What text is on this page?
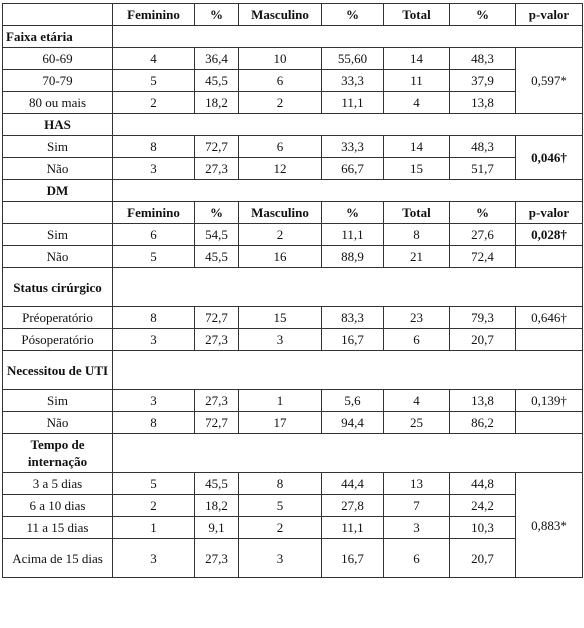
	Feminino	%	Masculino	%	Total	%	p-valor
Faixa etária							
60-69	4	36,4	10	55,60	14	48,3	0,597*
70-79	5	45,5	6	33,3	11	37,9	
80 ou mais	2	18,2	2	11,1	4	13,8	
HAS							
Sim	8	72,7	6	33,3	14	48,3	0,046†
Não	3	27,3	12	66,7	15	51,7	
DM							
	Feminino	%	Masculino	%	Total	%	p-valor
Sim	6	54,5	2	11,1	8	27,6	0,028†
Não	5	45,5	16	88,9	21	72,4	
Status cirúrgico							
Préoperatório	8	72,7	15	83,3	23	79,3	0,646†
Pósoperatório	3	27,3	3	16,7	6	20,7	
Necessitou de UTI							
Sim	3	27,3	1	5,6	4	13,8	0,139†
Não	8	72,7	17	94,4	25	86,2	
Tempo de internação							
3 a 5 dias	5	45,5	8	44,4	13	44,8	0,883*
6 a 10 dias	2	18,2	5	27,8	7	24,2	
11 a 15 dias	1	9,1	2	11,1	3	10,3	
Acima de 15 dias	3	27,3	3	16,7	6	20,7	
